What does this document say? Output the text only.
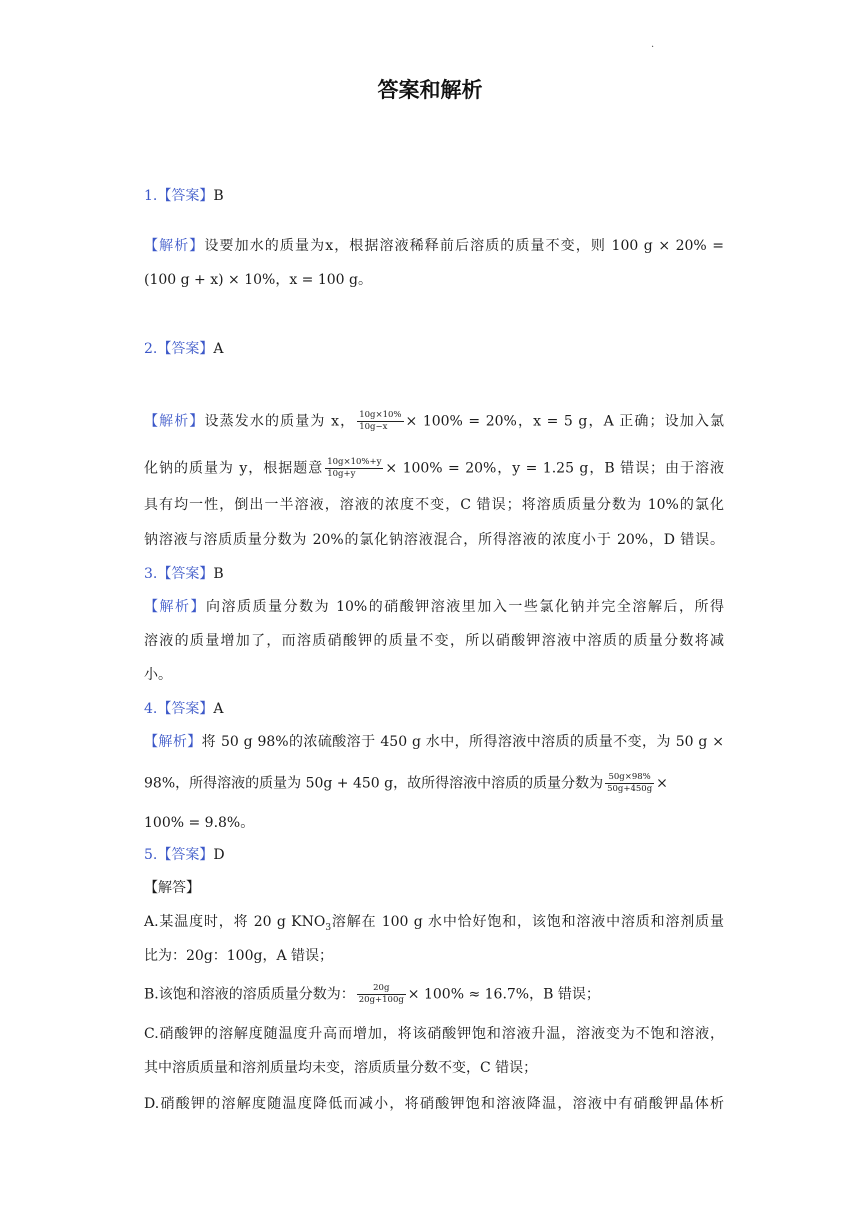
·
答案和解析
1.【答案】B
【解析】设要加水的质量为x，根据溶液稀释前后溶质的质量不变，则 100 g × 20% =
(100 g + x) × 10%，x = 100 g。
2.【答案】A
【解析】设蒸发水的质量为 x， $\frac{10g\times 10\%}{10g-x} \times 100\% = 20\%$，x = 5 g，A 正确；设加入氯
化钠的质量为 y，根据题意 $\frac{10g\times 10\%+y}{10g+y} \times 100\% = 20\%$，y = 1.25 g，B 错误；由于溶液
具有均一性，倒出一半溶液，溶液的浓度不变，C 错误；将溶质质量分数为 10%的氯化
钠溶液与溶质质量分数为 20%的氯化钠溶液混合，所得溶液的浓度小于 20%，D 错误。
3.【答案】B
【解析】向溶质质量分数为 10%的硝酸钾溶液里加入一些氯化钠并完全溶解后，所得
溶液的质量增加了，而溶质硝酸钾的质量不变，所以硝酸钾溶液中溶质的质量分数将减
小。
4.【答案】A
【解析】将 50 g 98%的浓硫酸溶于 450 g 水中，所得溶液中溶质的质量不变，为 50 g ×
98%，所得溶液的质量为 50g + 450 g，故所得溶液中溶质的质量分数为 $\frac{50g\times 98\%}{50g+450g}$ ×
100% = 9.8%。
5.【答案】D
【解答】
A.某温度时，将 20 g $KNO_3$溶解在 100 g 水中恰好饱和，该饱和溶液中溶质和溶剂质量
比为：20g：100g，A 错误；
B.该饱和溶液的溶质质量分数为： $\frac{20g}{20g+100g} \times 100\% \approx 16.7\%$，B 错误；
C.硝酸钾的溶解度随温度升高而增加，将该硝酸钾饱和溶液升温，溶液变为不饱和溶液，
其中溶质质量和溶剂质量均未变，溶质质量分数不变，C 错误；
D.硝酸钾的溶解度随温度降低而减小，将硝酸钾饱和溶液降温，溶液中有硝酸钾晶体析
